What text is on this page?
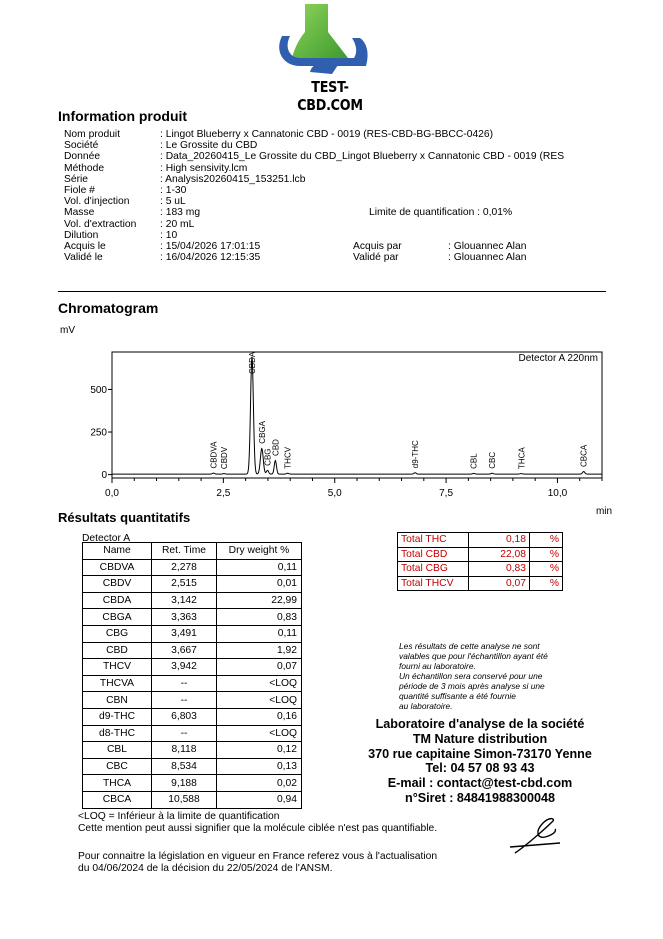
TEST-CBD.COM
Information produit
Nom produit	: Lingot Blueberry x Cannatonic CBD - 0019 (RES-CBD-BG-BBCC-0426)
Société	: Le Grossite du CBD
Donnée	: Data_20260415_Le Grossite du CBD_Lingot Blueberry x Cannatonic CBD - 0019 (RES
Méthode	: High sensivity.lcm
Série	: Analysis20260415_153251.lcb
Fiole #	: 1-30
Vol. d'injection	: 5 uL
Masse	: 183 mg	Limite de quantification : 0,01%
Vol. d'extraction	: 20 mL
Dilution	: 10
Acquis le	: 15/04/2026 17:01:15	Acquis par	: Glouannec Alan
Validé le	: 16/04/2026 12:15:35	Validé par	: Glouannec Alan
Chromatogram
mV
Detector A 220nm
0
250
500
0,0	2,5	5,0	7,5	10,0
min
CBDVA CBDV
CBDA
CBGA
CBG
CBD THCV	d9-THC	CBL CBC	THCA	CBCA
Résultats quantitatifs
Detector A
Name	Ret. Time	Dry weight %
CBDVA	2,278	0,11
CBDV	2,515	0,01
CBDA	3,142	22,99
CBGA	3,363	0,83
CBG	3,491	0,11
CBD	3,667	1,92
THCV	3,942	0,07
THCVA	--	<LOQ
CBN	--	<LOQ
d9-THC	6,803	0,16
d8-THC	--	<LOQ
CBL	8,118	0,12
CBC	8,534	0,13
THCA	9,188	0,02
CBCA	10,588	0,94
Total THC	0,18	%
Total CBD	22,08	%
Total CBG	0,83	%
Total THCV	0,07	%
Les résultats de cette analyse ne sont
valables que pour l'échantillon ayant été
fourni au laboratoire.
Un échantillon sera conservé pour une
période de 3 mois après analyse si une
quantité suffisante a été fournie
au laboratoire.
Laboratoire d'analyse de la société
TM Nature distribution
370 rue capitaine Simon-73170 Yenne
Tel: 04 57 08 93 43
E-mail : contact@test-cbd.com
n°Siret : 84841988300048
<LOQ = Inférieur à la limite de quantification
Cette mention peut aussi signifier que la molécule ciblée n'est pas quantifiable.
Pour connaitre la législation en vigueur en France referez vous à l'actualisation
du 04/06/2024 de la décision du 22/05/2024 de l'ANSM.
